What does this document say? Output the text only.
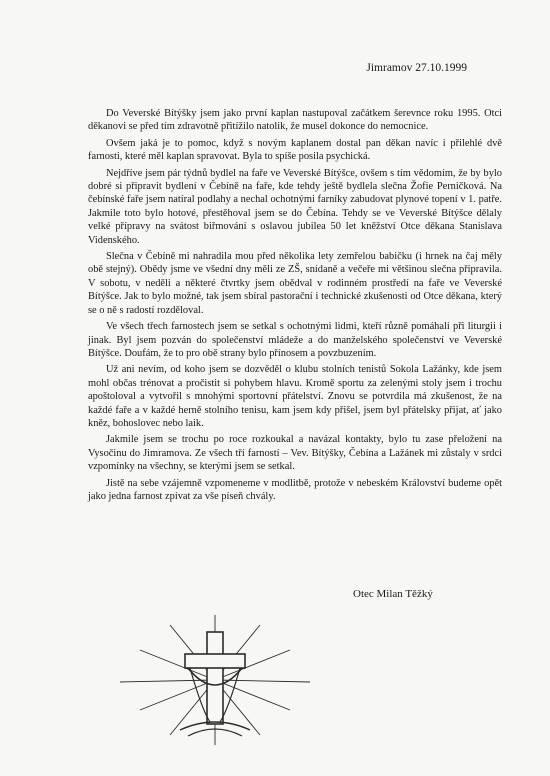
Jimramov 27.10.1999

Do Veverské Bítýšky jsem jako první kaplan nastupoval začátkem šerevnce roku 1995. Otci děkanovi se před tím zdravotně přitížilo natolik, že musel dokonce do nemocnice.

Ovšem jaká je to pomoc, když s novým kaplanem dostal pan děkan navíc i přilehlé dvě farnosti, které měl kaplan spravovat. Byla to spíše posila psychická.

Nejdříve jsem pár týdnů bydlel na faře ve Veverské Bítýšce, ovšem s tím vědomím, že by bylo dobré si připravit bydlení v Čebíně na faře, kde tehdy ještě bydlela slečna Žofie Perničková. Na čebínské faře jsem natíral podlahy a nechal ochotnými farníky zabudovat plynové topení v 1. patře. Jakmile toto bylo hotové, přestěhoval jsem se do Čebína. Tehdy se ve Veverské Bítýšce dělaly velké přípravy na svátost biřmování s oslavou jubilea 50 let kněžství Otce děkana Stanislava Videnského.

Slečna v Čebíně mi nahradila mou před několika lety zemřelou babičku (i hrnek na čaj měly obě stejný). Obědy jsme ve všední dny měli ze ZŠ, snídaně a večeře mi většinou slečna připravila. V sobotu, v neděli a některé čtvrtky jsem obědval v rodinném prostředí na faře ve Veverské Bítýšce. Jak to bylo možné, tak jsem sbíral pastorační i technické zkušenosti od Otce děkana, který se o ně s radostí rozděloval.

Ve všech třech farnostech jsem se setkal s ochotnými lidmi, kteří různě pomáhali při liturgii i jinak. Byl jsem pozván do společenství mládeže a do manželského společenství ve Veverské Bítýšce. Doufám, že to pro obě strany bylo přínosem a povzbuzením.

Už ani nevím, od koho jsem se dozvěděl o klubu stolních tenistů Sokola Lažánky, kde jsem mohl občas trénovat a pročistit si pohybem hlavu. Kromě sportu za zelenými stoly jsem i trochu apoštoloval a vytvořil s mnohými sportovní přátelství. Znovu se potvrdila má zkušenost, že na každé faře a v každé herně stolního tenisu, kam jsem kdy přišel, jsem byl přátelsky přijat, ať jako kněz, bohoslovec nebo laik.

Jakmile jsem se trochu po roce rozkoukal a navázal kontakty, bylo tu zase přeložení na Vysočinu do Jimramova. Ze všech tří farností – Vev. Bítýšky, Čebína a Lažánek mi zůstaly v srdci vzpomínky na všechny, se kterými jsem se setkal.

Jistě na sebe vzájemně vzpomeneme v modlitbě, protože v nebeském Království budeme opět jako jedna farnost zpívat za vše píseň chvály.

Otec Milan Těžký
